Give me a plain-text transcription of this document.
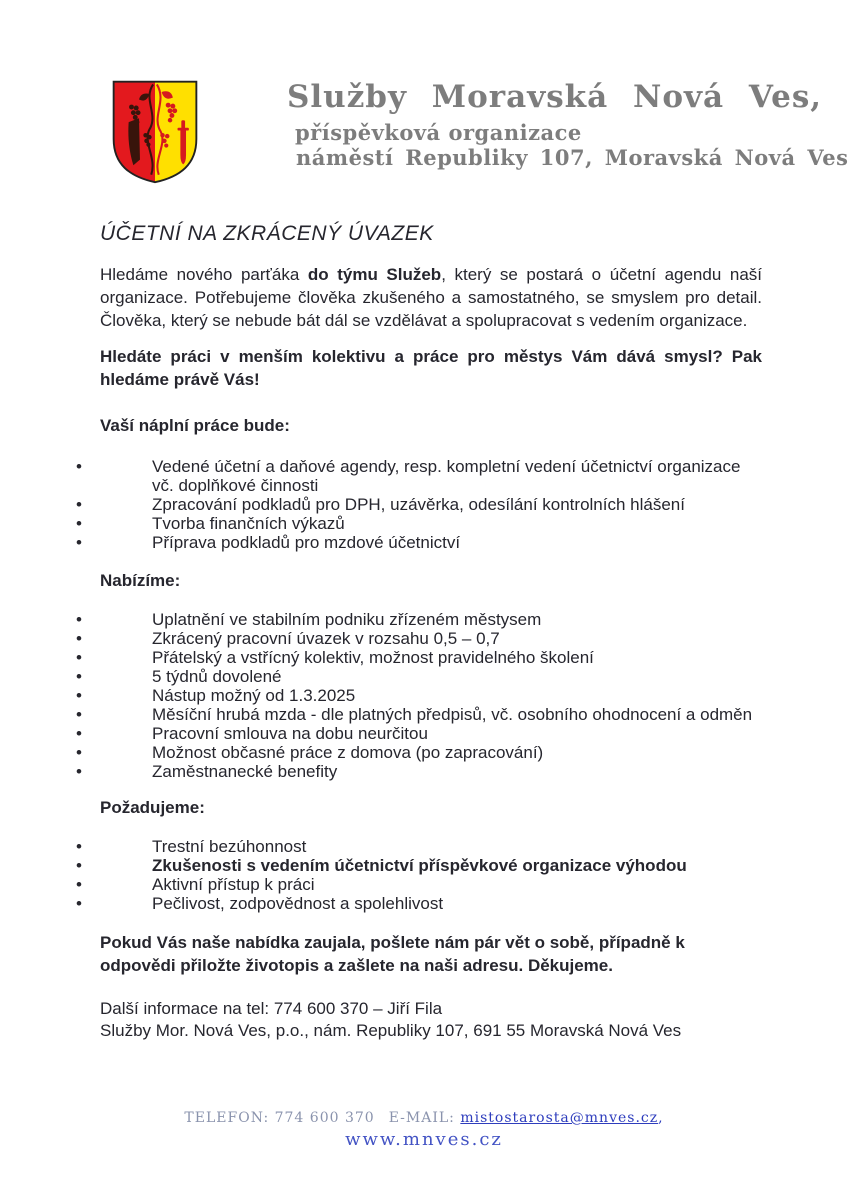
Služby Moravská Nová Ves,
příspěvková organizace
náměstí Republiky 107, Moravská Nová Ves
ÚČETNÍ NA ZKRÁCENÝ ÚVAZEK

Hledáme nového parťáka do týmu Služeb, který se postará o účetní agendu naší organizace. Potřebujeme člověka zkušeného a samostatného, se smyslem pro detail. Člověka, který se nebude bát dál se vzdělávat a spolupracovat s vedením organizace.

Hledáte práci v menším kolektivu a práce pro městys Vám dává smysl? Pak hledáme právě Vás!

Vaší náplní práce bude:
•	Vedené účetní a daňové agendy, resp. kompletní vedení účetnictví organizace vč. doplňkové činnosti
•	Zpracování podkladů pro DPH, uzávěrka, odesílání kontrolních hlášení
•	Tvorba finančních výkazů
•	Příprava podkladů pro mzdové účetnictví
Nabízíme:
•	Uplatnění ve stabilním podniku zřízeném městysem
•	Zkrácený pracovní úvazek v rozsahu 0,5 – 0,7
•	Přátelský a vstřícný kolektiv, možnost pravidelného školení
•	5 týdnů dovolené
•	Nástup možný od 1.3.2025
•	Měsíční hrubá mzda - dle platných předpisů, vč. osobního ohodnocení a odměn
•	Pracovní smlouva na dobu neurčitou
•	Možnost občasné práce z domova (po zapracování)
•	Zaměstnanecké benefity
Požadujeme:
•	Trestní bezúhonnost
•	Zkušenosti s vedením účetnictví příspěvkové organizace výhodou
•	Aktivní přístup k práci
•	Pečlivost, zodpovědnost a spolehlivost

Pokud Vás naše nabídka zaujala, pošlete nám pár vět o sobě, případně k odpovědi přiložte životopis a zašlete na naši adresu. Děkujeme.

Další informace na tel: 774 600 370 – Jiří Fila
Služby Mor. Nová Ves, p.o., nám. Republiky 107, 691 55 Moravská Nová Ves

TELEFON: 774 600 370 E-MAIL: mistostarosta@mnves.cz,
www.mnves.cz
